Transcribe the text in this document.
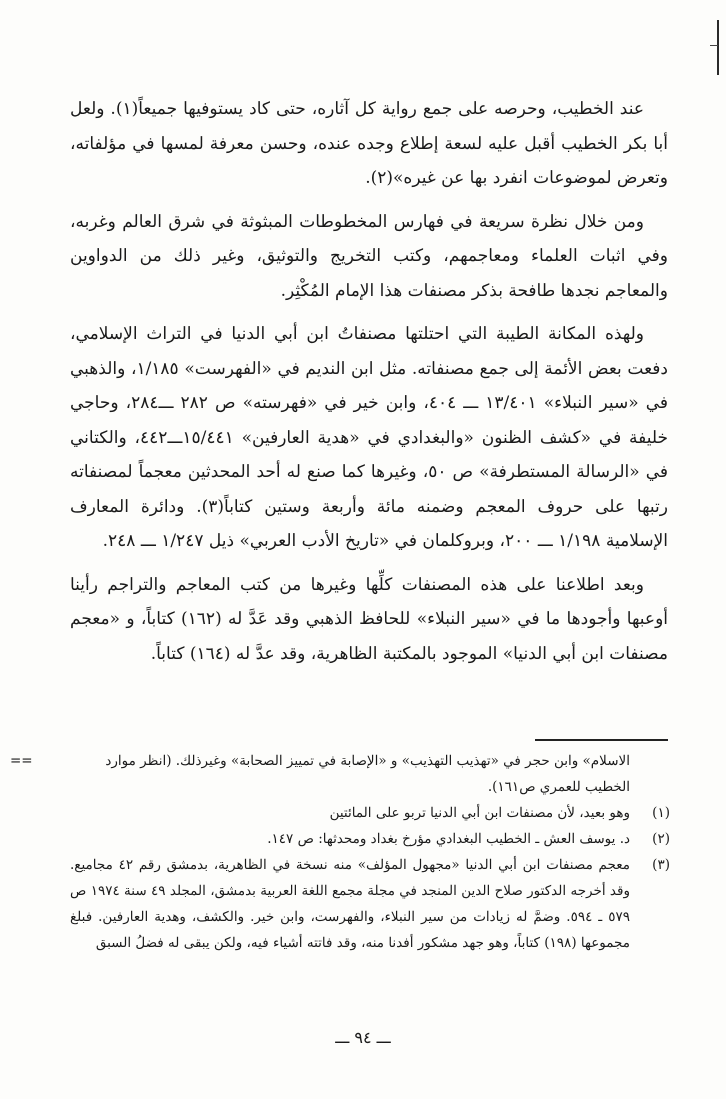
عند الخطيب، وحرصه على جمع رواية كل آثاره، حتى كاد يستوفيها جميعاً(١). ولعل أبا بكر الخطيب أقبل عليه لسعة إطلاع وجده عنده، وحسن معرفة لمسها في مؤلفاته، وتعرض لموضوعات انفرد بها عن غيره»(٢).

ومن خلال نظرة سريعة في فهارس المخطوطات المبثوثة في شرق العالم وغربه، وفي اثبات العلماء ومعاجمهم، وكتب التخريج والتوثيق، وغير ذلك من الدواوين والمعاجم نجدها طافحة بذكر مصنفات هذا الإمام المُكْثِر.

ولهذه المكانة الطيبة التي احتلتها مصنفاتُ ابن أبي الدنيا في التراث الإسلامي، دفعت بعض الأئمة إلى جمع مصنفاته. مثل ابن النديم في «الفهرست» ١/١٨٥، والذهبي في «سير النبلاء» ١٣/٤٠١ ـــ ٤٠٤، وابن خير في «فهرسته» ص ٢٨٢ ـــ٢٨٤، وحاجي خليفة في «كشف الظنون «والبغدادي في «هدية العارفين» ١٥/٤٤١ـــ٤٤٢، والكتاني في «الرسالة المستطرفة» ص ٥٠، وغيرها كما صنع له أحد المحدثين معجماً لمصنفاته رتبها على حروف المعجم وضمنه مائة وأربعة وستين كتاباً(٣). ودائرة المعارف الإسلامية ١/١٩٨ ـــ ٢٠٠، وبروكلمان في «تاريخ الأدب العربي» ذيل ١/٢٤٧ ـــ ٢٤٨.

وبعد اطلاعنا على هذه المصنفات كلِّها وغيرها من كتب المعاجم والتراجم رأينا أوعبها وأجودها ما في «سير النبلاء» للحافظ الذهبي وقد عَدَّ له (١٦٢) كتاباً، و «معجم مصنفات ابن أبي الدنيا» الموجود بالمكتبة الظاهرية، وقد عدَّ له (١٦٤) كتاباً.

==	الاسلام» وابن حجر في «تهذيب التهذيب» و «الإصابة في تمييز الصحابة» وغيرذلك. (انظر موارد الخطيب للعمري ص١٦١).
(١)
وهو بعيد، لأن مصنفات ابن أبي الدنيا تربو على المائتين
(٢)
د. يوسف العش ـ الخطيب البغدادي مؤرخ بغداد ومحدثها: ص ١٤٧.
(٣)
معجم مصنفات ابن أبي الدنيا «مجهول المؤلف» منه نسخة في الظاهرية، بدمشق رقم ٤٢ مجاميع. وقد أخرجه الدكتور صلاح الدين المنجد في مجلة مجمع اللغة العربية بدمشق، المجلد ٤٩ سنة ١٩٧٤ ص ٥٧٩ ـ ٥٩٤. وضمَّ له زيادات من سير النبلاء، والفهرست، وابن خير. والكشف، وهدية العارفين. فبلغ مجموعها (١٩٨) كتاباً، وهو جهد مشكور أفدنا منه، وقد فاتته أشياء فيه، ولكن يبقى له فضلُ السبق
ـــ ٩٤ ـــ
